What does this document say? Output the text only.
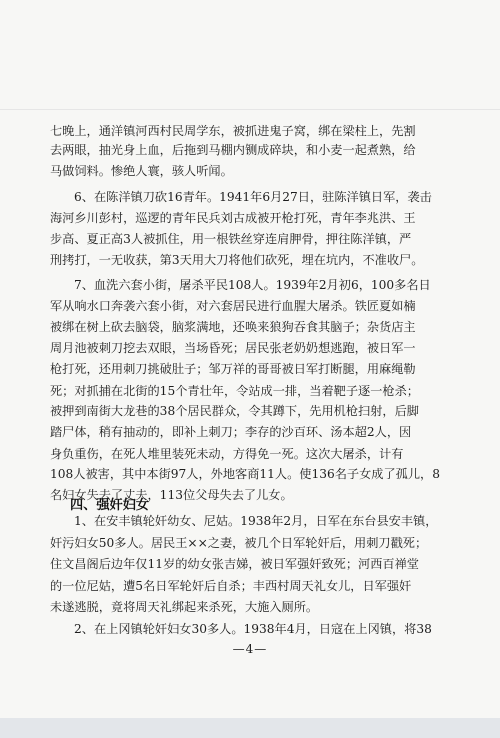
七晚上，通洋镇河西村民周学东，被抓进鬼子窝，绑在梁柱上，先割
去两眼，抽光身上血，后拖到马棚内铡成碎块，和小麦一起煮熟，给
马做饲料。惨绝人寰，骇人听闻。
6、在陈洋镇刀砍16青年。1941年6月27日，驻陈洋镇日军，袭击
海河乡川彭村，巡逻的青年民兵刘古成被开枪打死，青年李兆洪、王
步高、夏正高3人被抓住，用一根铁丝穿连肩胛骨，押往陈洋镇，严
刑拷打，一无收获，第3天用大刀将他们砍死，埋在坑内，不准收尸。
7、血洗六套小街，屠杀平民108人。1939年2月初6，100多名日
军从响水口奔袭六套小街，对六套居民进行血腥大屠杀。铁匠夏如楠
被绑在树上砍去脑袋，脑浆满地，还唤来狼狗吞食其脑子；杂货店主
周月池被刺刀挖去双眼，当场昏死；居民张老奶奶想逃跑，被日军一
枪打死，还用刺刀挑破肚子；邹万祥的哥哥被日军打断腿，用麻绳勒
死；对抓捕在北街的15个青壮年，令站成一排，当着靶子逐一枪杀；
被押到南街大龙巷的38个居民群众，令其蹲下，先用机枪扫射，后脚
踏尸体，稍有抽动的，即补上刺刀；李存的沙百环、汤本超2人，因
身负重伤，在死人堆里装死未动，方得免一死。这次大屠杀，计有
108人被害，其中本街97人，外地客商11人。使136名子女成了孤儿，8
名妇女失去了丈夫，113位父母失去了儿女。
四、强奸妇女
1、在安丰镇轮奸幼女、尼姑。1938年2月，日军在东台县安丰镇，
奸污妇女50多人。居民王××之妻，被几个日军轮奸后，用刺刀戳死；
住文昌阁后边年仅11岁的幼女张吉娣，被日军强奸致死；河西百禅堂
的一位尼姑，遭5名日军轮奸后自杀；丰西村周天礼女儿，日军强奸
未遂逃脱，竟将周天礼绑起来杀死，大施入厕所。
2、在上冈镇轮奸妇女30多人。1938年4月，日寇在上冈镇，将38
—4—
